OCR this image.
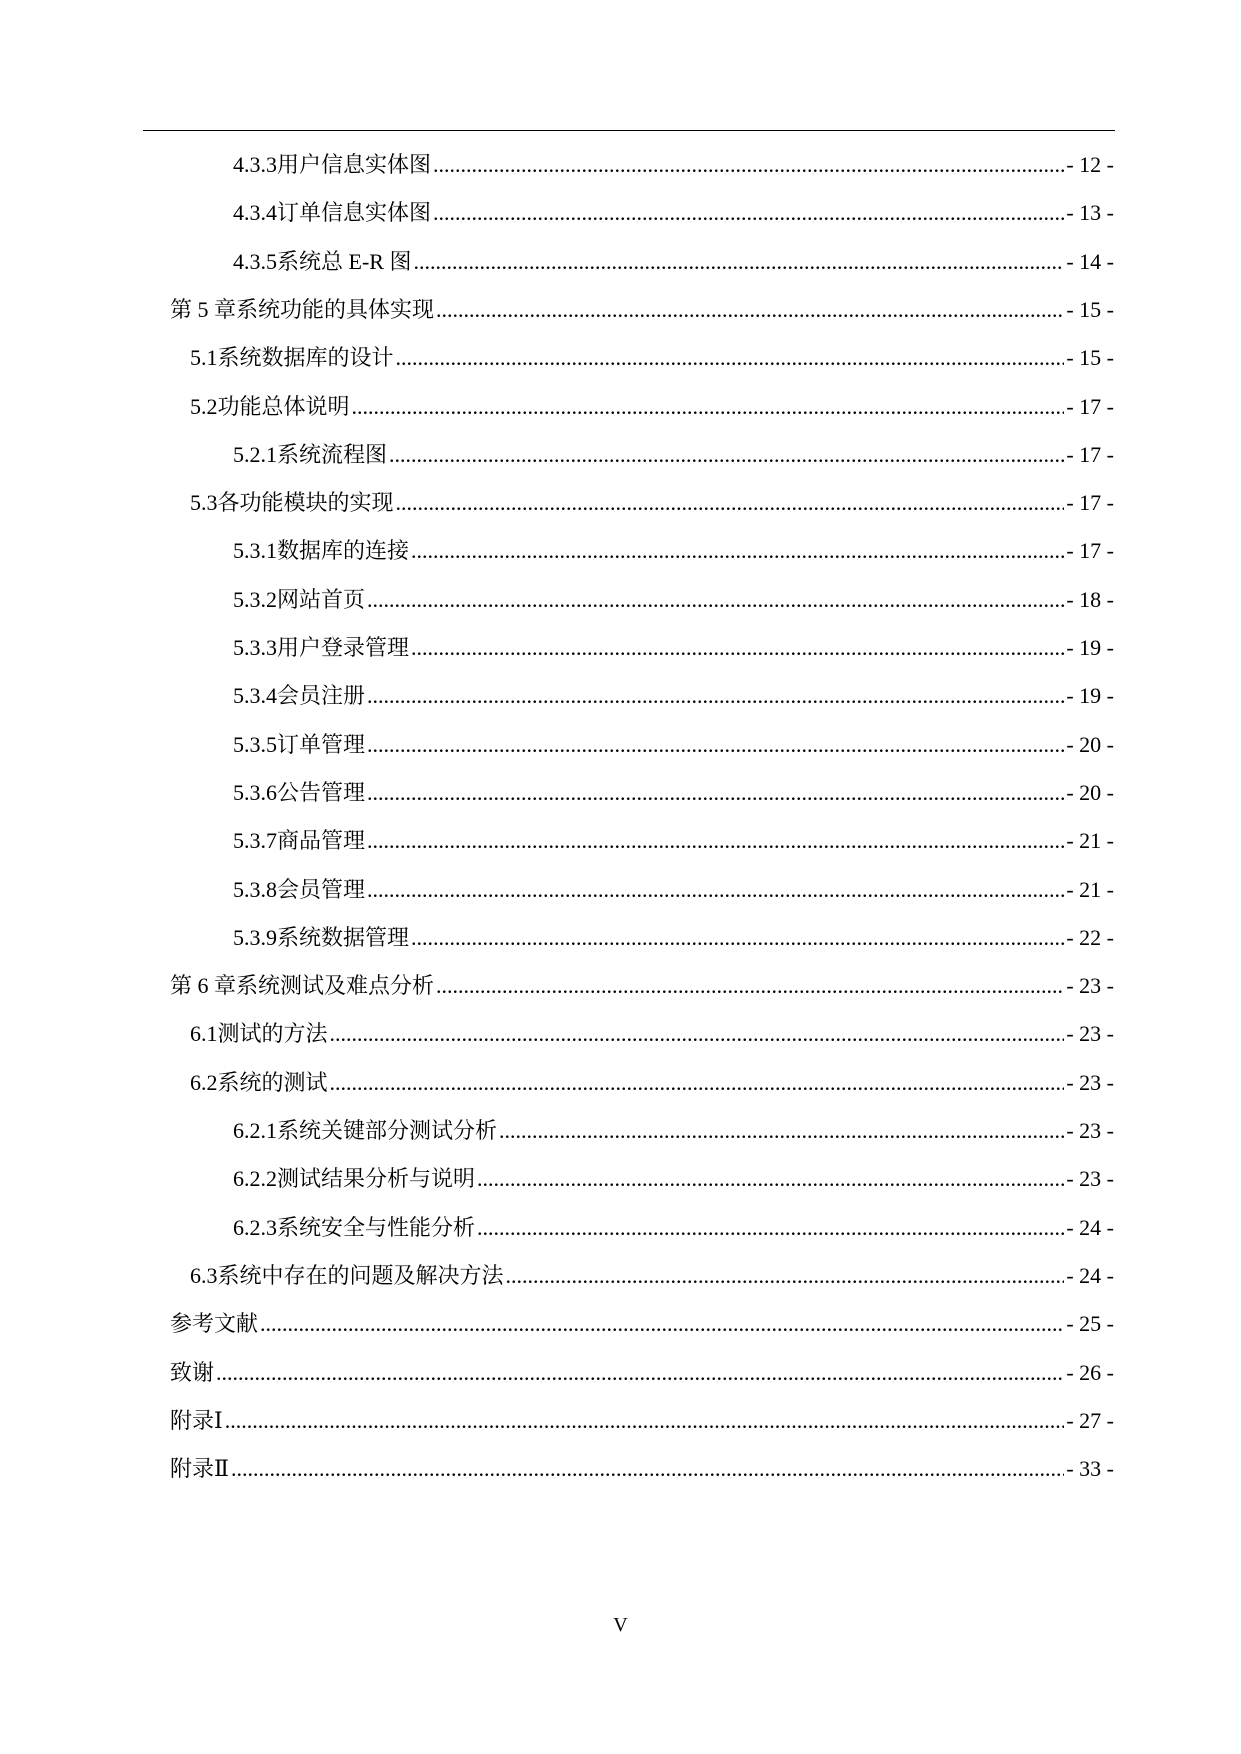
4.3.3 用户信息实体图 .....	- 12 -
4.3.4 订单信息实体图 .....	- 13 -
4.3.5 系统总 E-R 图 .....	- 14 -
第 5 章 系统功能的具体实现 .....	- 15 -
5.1 系统数据库的设计 .....	- 15 -
5.2 功能总体说明 .....	- 17 -
5.2.1 系统流程图 .....	- 17 -
5.3 各功能模块的实现 .....	- 17 -
5.3.1 数据库的连接 .....	- 17 -
5.3.2 网站首页 .....	- 18 -
5.3.3 用户登录管理 .....	- 19 -
5.3.4 会员注册 .....	- 19 -
5.3.5 订单管理 .....	- 20 -
5.3.6 公告管理 .....	- 20 -
5.3.7 商品管理 .....	- 21 -
5.3.8 会员管理 .....	- 21 -
5.3.9 系统数据管理 .....	- 22 -
第 6 章 系统测试及难点分析 .....	- 23 -
6.1 测试的方法 .....	- 23 -
6.2 系统的测试 .....	- 23 -
6.2.1 系统关键部分测试分析 .....	- 23 -
6.2.2 测试结果分析与说明 .....	- 23 -
6.2.3 系统安全与性能分析 .....	- 24 -
6.3 系统中存在的问题及解决方法 .....	- 24 -
参考文献 .....	- 25 -
致谢 .....	- 26 -
附录Ⅰ .....	- 27 -
附录Ⅱ .....	- 33 -
V
